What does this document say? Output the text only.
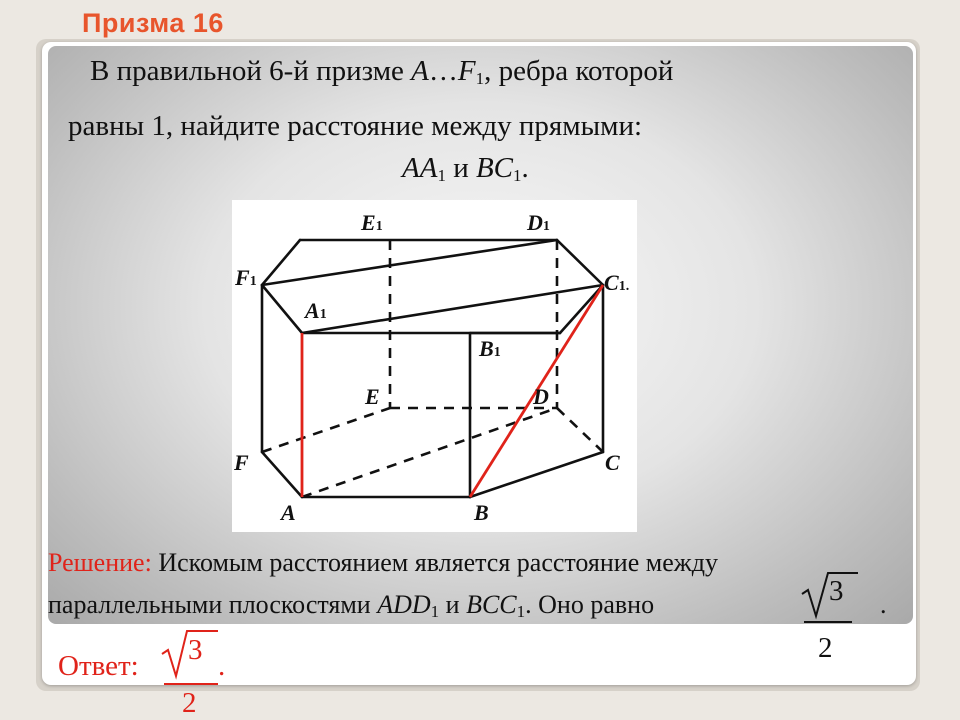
Призма 16
В правильной 6-й призме $A\dots F_1$, ребра которой
равны 1, найдите расстояние между прямыми:
$AA_1$ и $BC_1$.
E1	D1
F1	C1.
A1
B1
E	D
F	C
A	B
Решение: Искомым расстоянием является расстояние между
параллельными плоскостями $ADD_1$ и $BCC_1$. Оно равно	.
3
2
Ответ: 3 .
2
